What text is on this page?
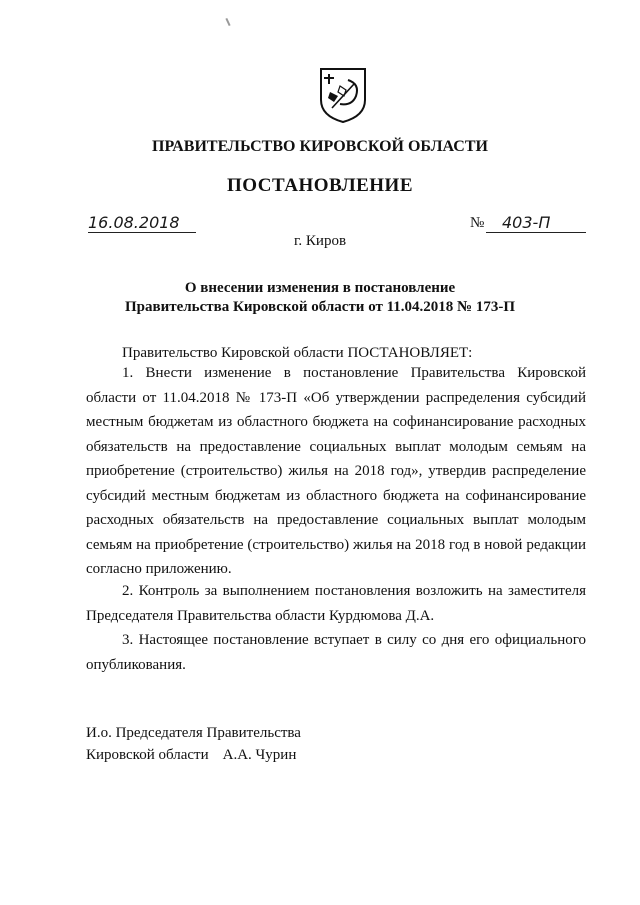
ПРАВИТЕЛЬСТВО КИРОВСКОЙ ОБЛАСТИ
ПОСТАНОВЛЕНИЕ
16.08.2018	№	403-П
г. Киров
О внесении изменения в постановление
Правительства Кировской области от 11.04.2018 № 173-П
Правительство Кировской области ПОСТАНОВЛЯЕТ:
1. Внести изменение в постановление Правительства Кировской области от 11.04.2018 № 173-П «Об утверждении распределения субсидий местным бюджетам из областного бюджета на софинансирование расходных обязательств на предоставление социальных выплат молодым семьям на приобретение (строительство) жилья на 2018 год», утвердив распределение субсидий местным бюджетам из областного бюджета на софинансирование расходных обязательств на предоставление социальных выплат молодым семьям на приобретение (строительство) жилья на 2018 год в новой редакции согласно приложению.
2. Контроль за выполнением постановления возложить на заместителя Председателя Правительства области Курдюмова Д.А.
3. Настоящее постановление вступает в силу со дня его официального опубликования.
И.о. Председателя Правительства
Кировской области А.А. Чурин
